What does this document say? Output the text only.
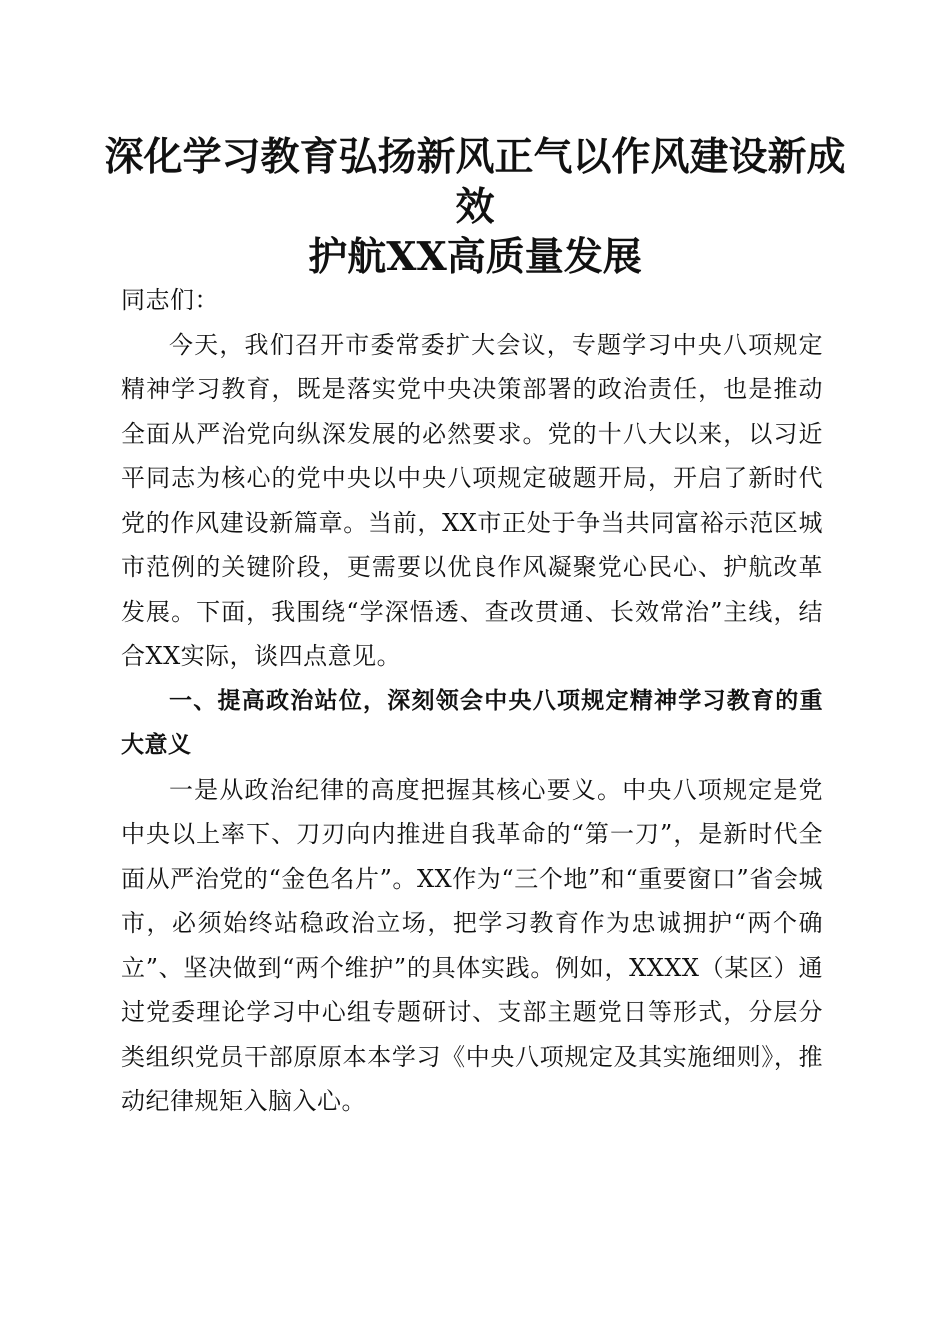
深化学习教育弘扬新风正气以作风建设新成效
护航XX高质量发展

同志们：

今天，我们召开市委常委扩大会议，专题学习中央八项规定精神学习教育，既是落实党中央决策部署的政治责任，也是推动全面从严治党向纵深发展的必然要求。党的十八大以来，以习近平同志为核心的党中央以中央八项规定破题开局，开启了新时代党的作风建设新篇章。当前，XX市正处于争当共同富裕示范区城市范例的关键阶段，更需要以优良作风凝聚党心民心、护航改革发展。下面，我围绕“学深悟透、查改贯通、长效常治”主线，结合XX实际，谈四点意见。

一、提高政治站位，深刻领会中央八项规定精神学习教育的重大意义

一是从政治纪律的高度把握其核心要义。中央八项规定是党中央以上率下、刀刃向内推进自我革命的“第一刀”，是新时代全面从严治党的“金色名片”。XX作为“三个地”和“重要窗口”省会城市，必须始终站稳政治立场，把学习教育作为忠诚拥护“两个确立”、坚决做到“两个维护”的具体实践。例如，XXXX（某区）通过党委理论学习中心组专题研讨、支部主题党日等形式，分层分类组织党员干部原原本本学习《中央八项规定及其实施细则》，推动纪律规矩入脑入心。
